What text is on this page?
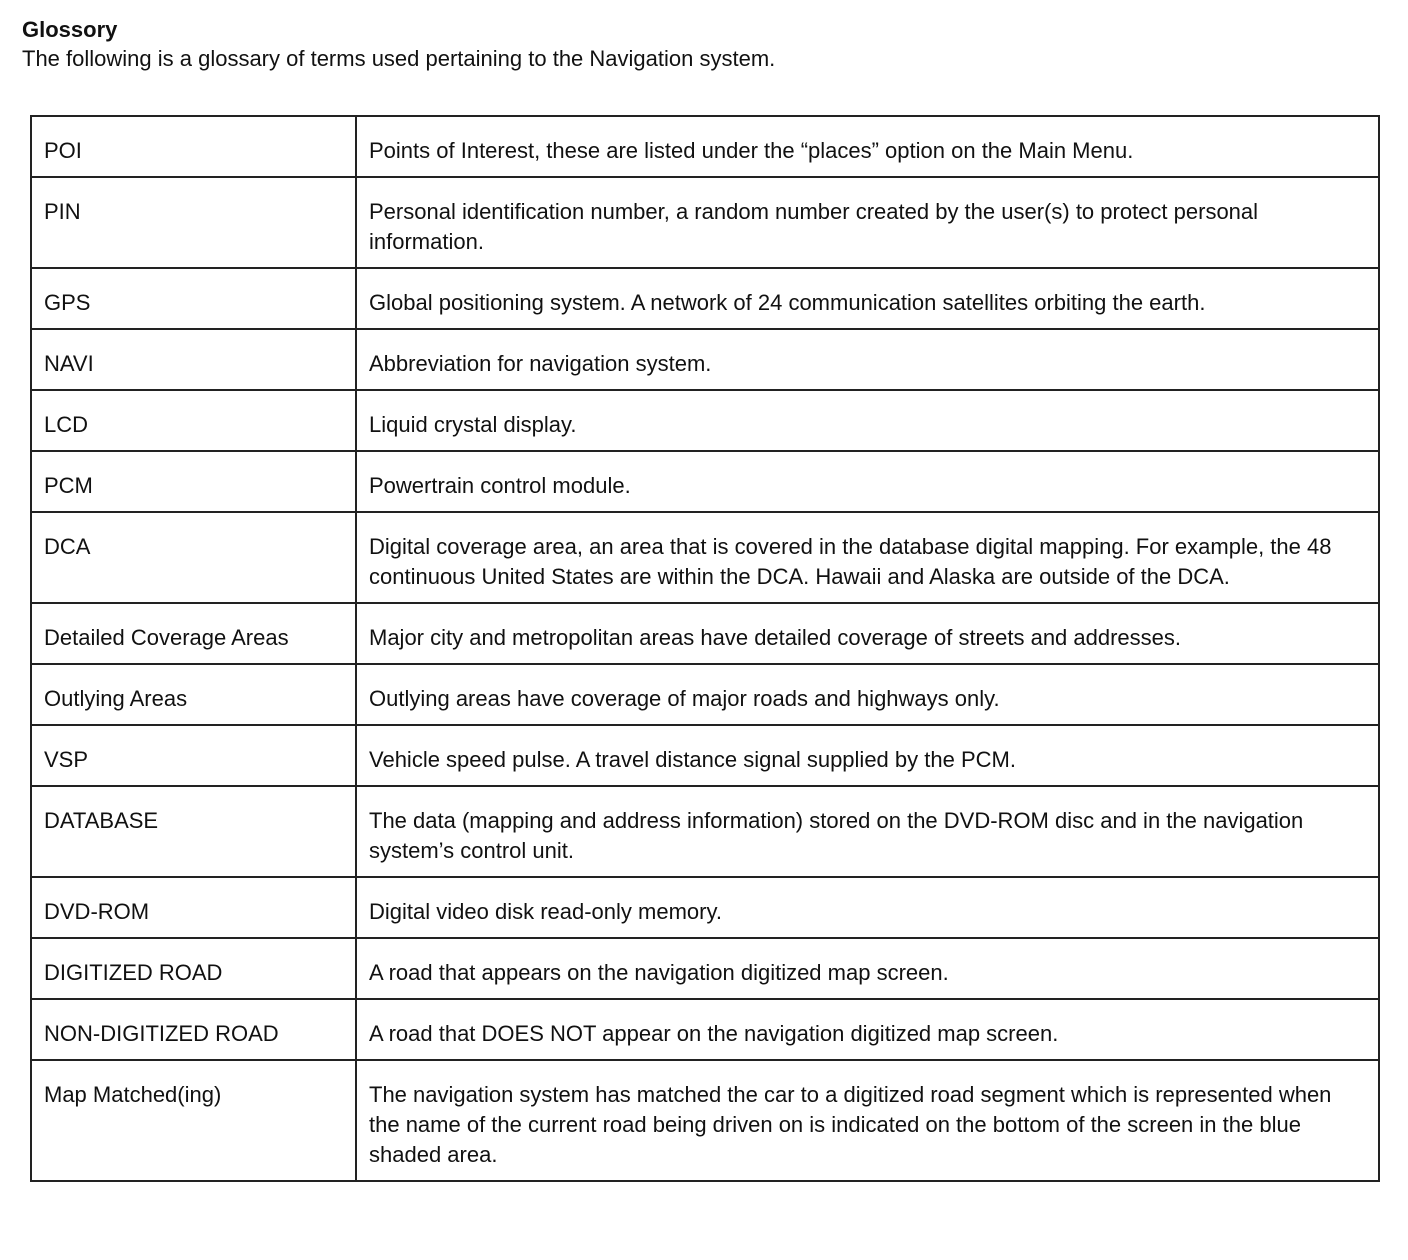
Glossory

The following is a glossary of terms used pertaining to the Navigation system.

POI	Points of Interest, these are listed under the “places” option on the Main Menu.
PIN	Personal identification number, a random number created by the user(s) to protect personal information.
GPS	Global positioning system. A network of 24 communication satellites orbiting the earth.
NAVI	Abbreviation for navigation system.
LCD	Liquid crystal display.
PCM	Powertrain control module.
DCA	Digital coverage area, an area that is covered in the database digital mapping. For example, the 48 continuous United States are within the DCA. Hawaii and Alaska are outside of the DCA.
Detailed Coverage Areas	Major city and metropolitan areas have detailed coverage of streets and addresses.
Outlying Areas	Outlying areas have coverage of major roads and highways only.
VSP	Vehicle speed pulse. A travel distance signal supplied by the PCM.
DATABASE	The data (mapping and address information) stored on the DVD-ROM disc and in the navigation system’s control unit.
DVD-ROM	Digital video disk read-only memory.
DIGITIZED ROAD	A road that appears on the navigation digitized map screen.
NON-DIGITIZED ROAD	A road that DOES NOT appear on the navigation digitized map screen.
Map Matched(ing)	The navigation system has matched the car to a digitized road segment which is represented when the name of the current road being driven on is indicated on the bottom of the screen in the blue shaded area.
